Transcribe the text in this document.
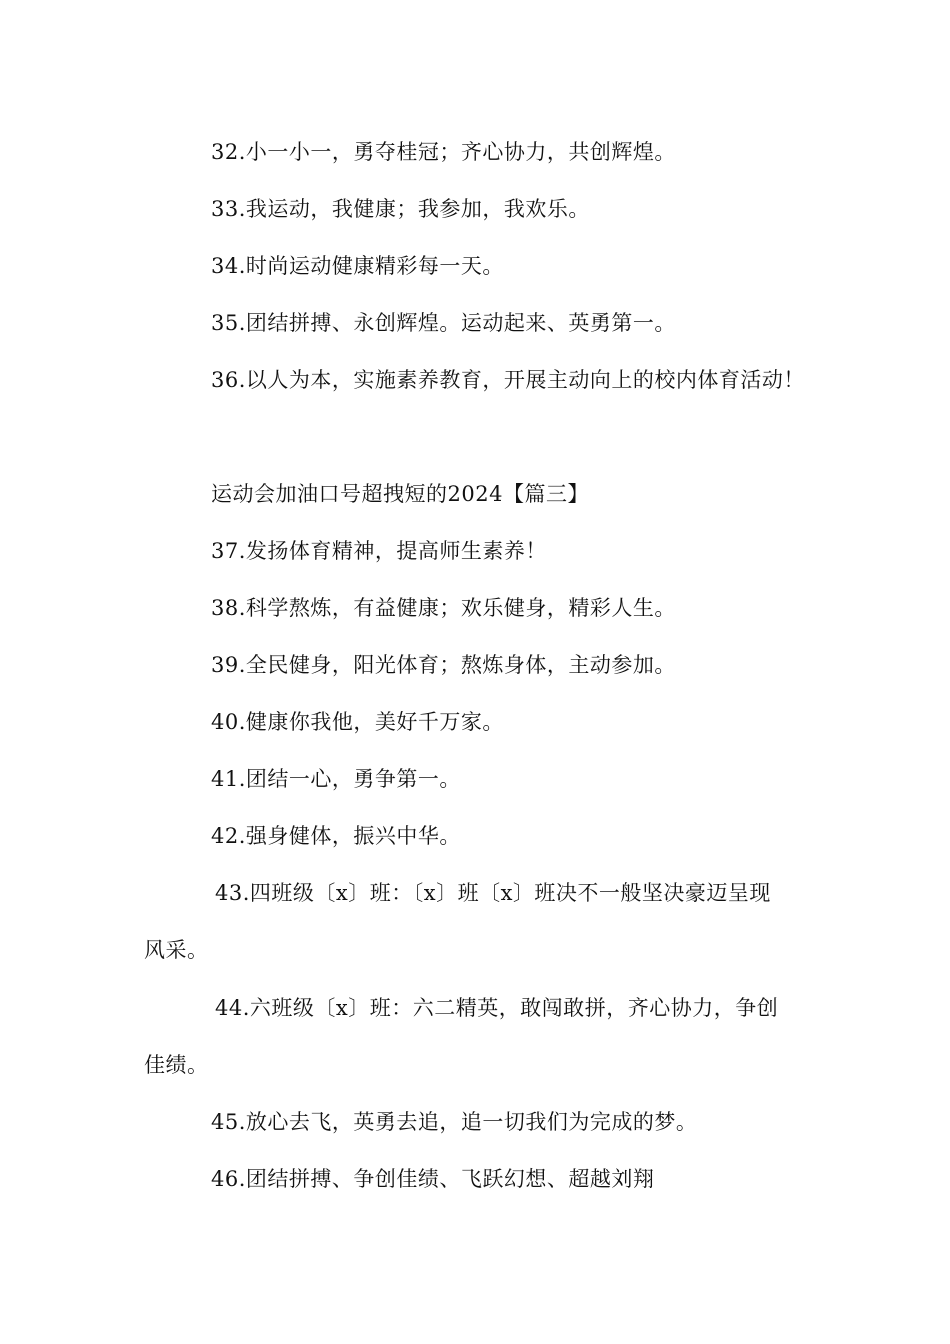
32.小一小一，勇夺桂冠；齐心协力，共创辉煌。
33.我运动，我健康；我参加，我欢乐。
34.时尚运动健康精彩每一天。
35.团结拼搏、永创辉煌。运动起来、英勇第一。
36.以人为本，实施素养教育，开展主动向上的校内体育活动！
运动会加油口号超拽短的2024【篇三】
37.发扬体育精神，提高师生素养！
38.科学熬炼，有益健康；欢乐健身，精彩人生。
39.全民健身，阳光体育；熬炼身体，主动参加。
40.健康你我他，美好千万家。
41.团结一心，勇争第一。
42.强身健体，振兴中华。
43.四班级〔x〕班：〔x〕班〔x〕班决不一般坚决豪迈呈现
风采。
44.六班级〔x〕班：六二精英，敢闯敢拼，齐心协力，争创
佳绩。
45.放心去飞，英勇去追，追一切我们为完成的梦。
46.团结拼搏、争创佳绩、飞跃幻想、超越刘翔
